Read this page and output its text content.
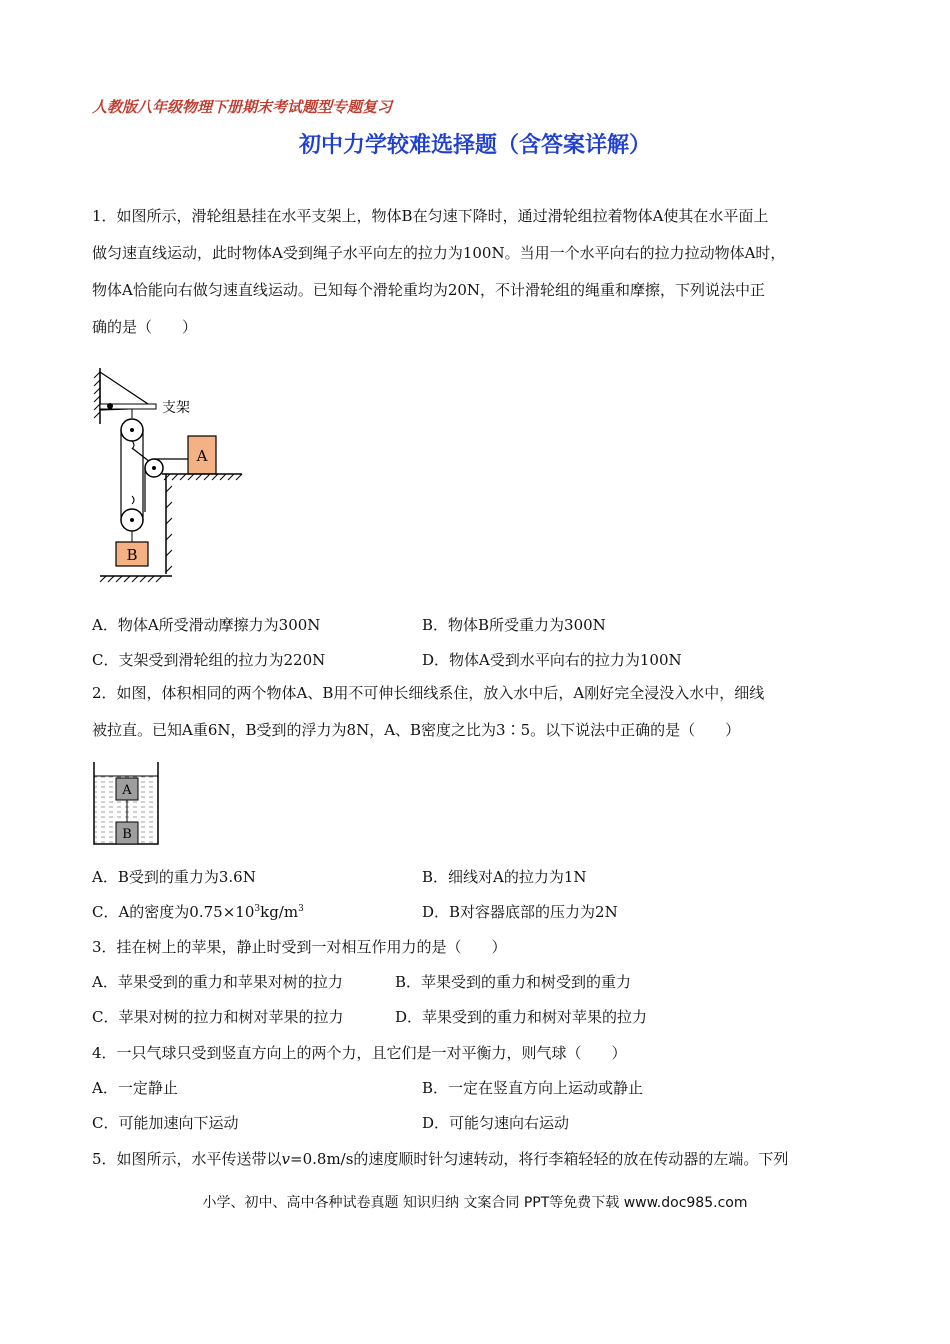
人教版八年级物理下册期末考试题型专题复习
初中力学较难选择题（含答案详解）
1．如图所示，滑轮组悬挂在水平支架上，物体B在匀速下降时，通过滑轮组拉着物体A使其在水平面上
做匀速直线运动，此时物体A受到绳子水平向左的拉力为100N。当用一个水平向右的拉力拉动物体A时，
物体A恰能向右做匀速直线运动。已知每个滑轮重均为20N，不计滑轮组的绳重和摩擦，下列说法中正
确的是（　　）
支架
A
B
A．物体A所受滑动摩擦力为300N	B．物体B所受重力为300N
C．支架受到滑轮组的拉力为220N	D．物体A受到水平向右的拉力为100N
2．如图，体积相同的两个物体A、B用不可伸长细线系住，放入水中后，A刚好完全浸没入水中，细线
被拉直。已知A重6N，B受到的浮力为8N，A、B密度之比为3∶5。以下说法中正确的是（　　）
A
B
A．B受到的重力为3.6N	B．细线对A的拉力为1N
C．A的密度为$0.75\times 10^3kg/m^3$	D．B对容器底部的压力为2N
3．挂在树上的苹果，静止时受到一对相互作用力的是（　　）
A．苹果受到的重力和苹果对树的拉力	B．苹果受到的重力和树受到的重力
C．苹果对树的拉力和树对苹果的拉力	D．苹果受到的重力和树对苹果的拉力
4．一只气球只受到竖直方向上的两个力，且它们是一对平衡力，则气球（　　）
A．一定静止	B．一定在竖直方向上运动或静止
C．可能加速向下运动	D．可能匀速向右运动
5．如图所示，水平传送带以v=0.8m/s的速度顺时针匀速转动，将行李箱轻轻的放在传动器的左端。下列
小学、初中、高中各种试卷真题 知识归纳 文案合同 PPT等免费下载 www.doc985.com
